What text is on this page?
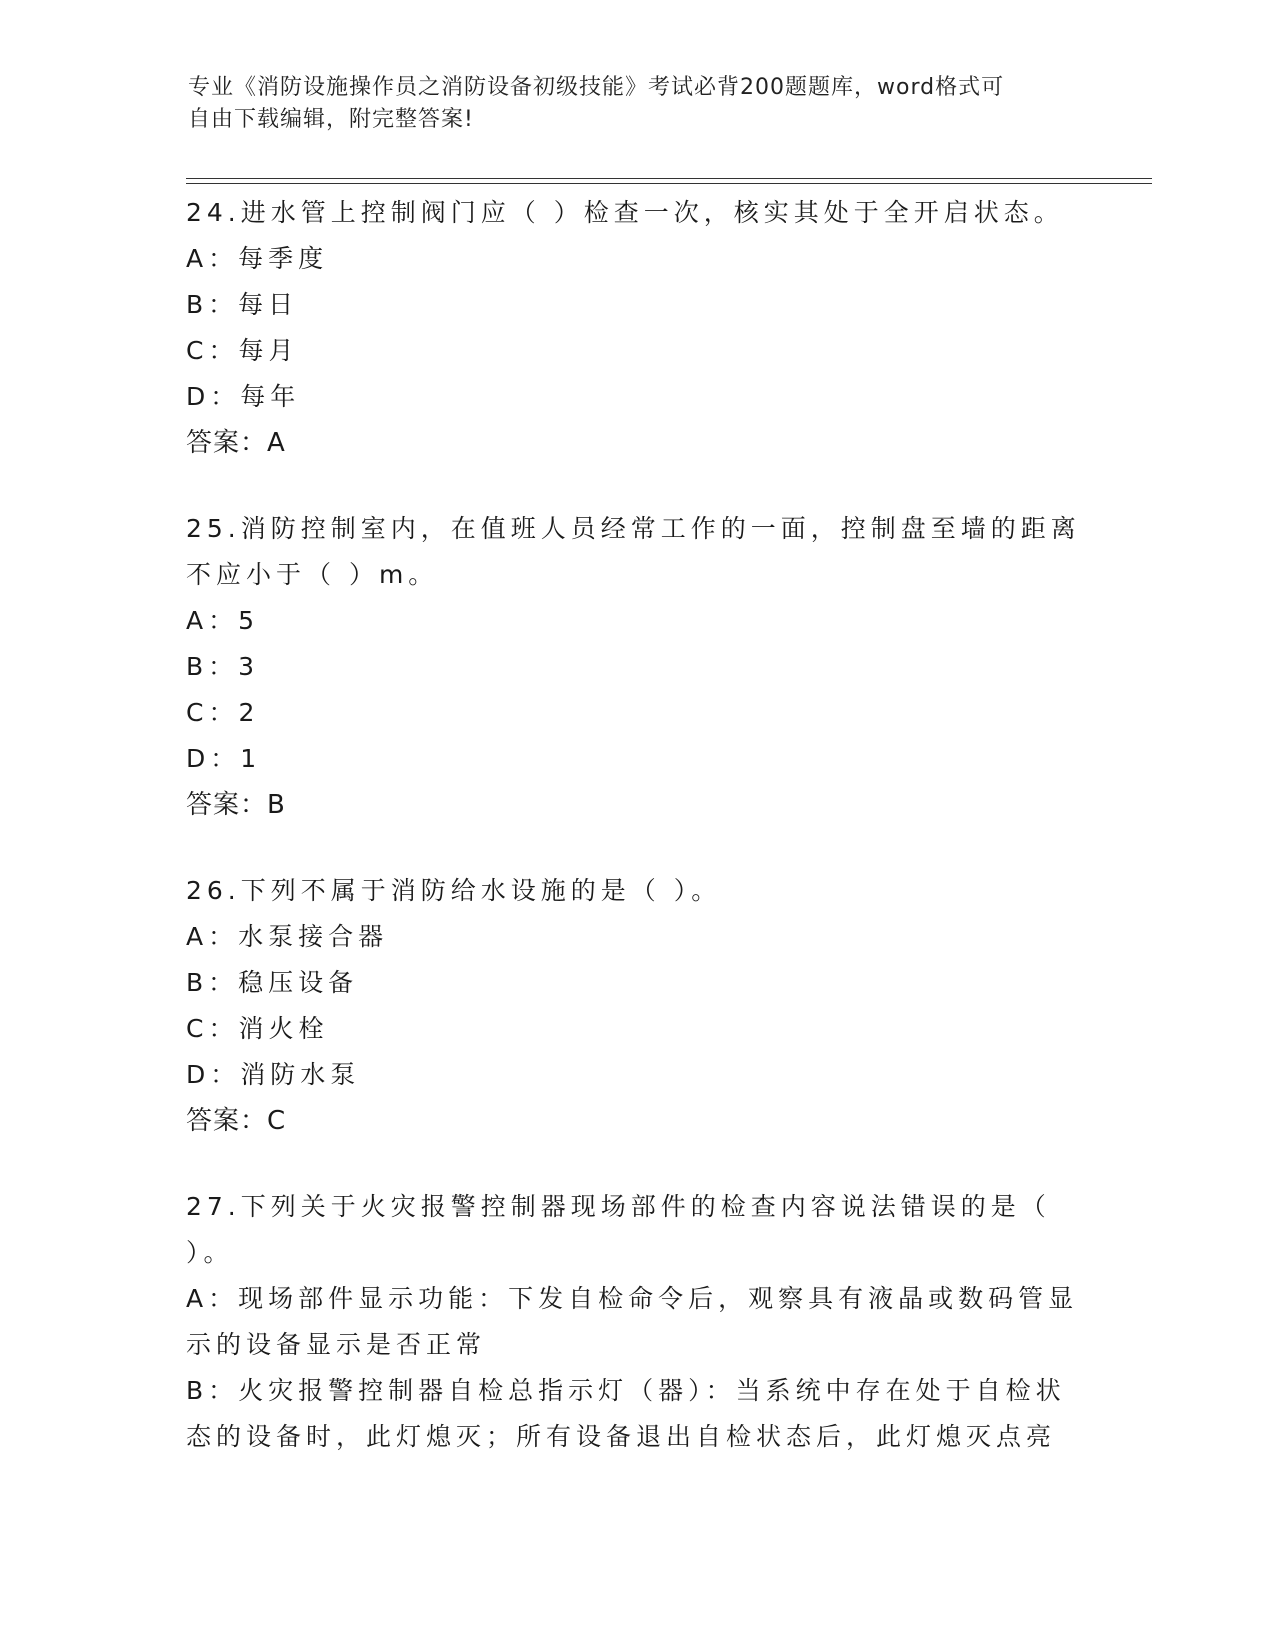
专业《消防设施操作员之消防设备初级技能》考试必背200题题库，word格式可
自由下载编辑，附完整答案!

24.进水管上控制阀门应（ ）检查一次，核实其处于全开启状态。

A：每季度

B：每日

C：每月

D：每年

答案：A

25.消防控制室内，在值班人员经常工作的一面，控制盘至墙的距离不应小于（ ）m。

A：5

B：3

C：2

D：1

答案：B

26.下列不属于消防给水设施的是（ ）。

A：水泵接合器

B：稳压设备

C：消火栓

D：消防水泵

答案：C

27.下列关于火灾报警控制器现场部件的检查内容说法错误的是（ ）。

A：现场部件显示功能：下发自检命令后，观察具有液晶或数码管显示的设备显示是否正常

B：火灾报警控制器自检总指示灯（器）：当系统中存在处于自检状态的设备时，此灯熄灭；所有设备退出自检状态后，此灯熄灭点亮
